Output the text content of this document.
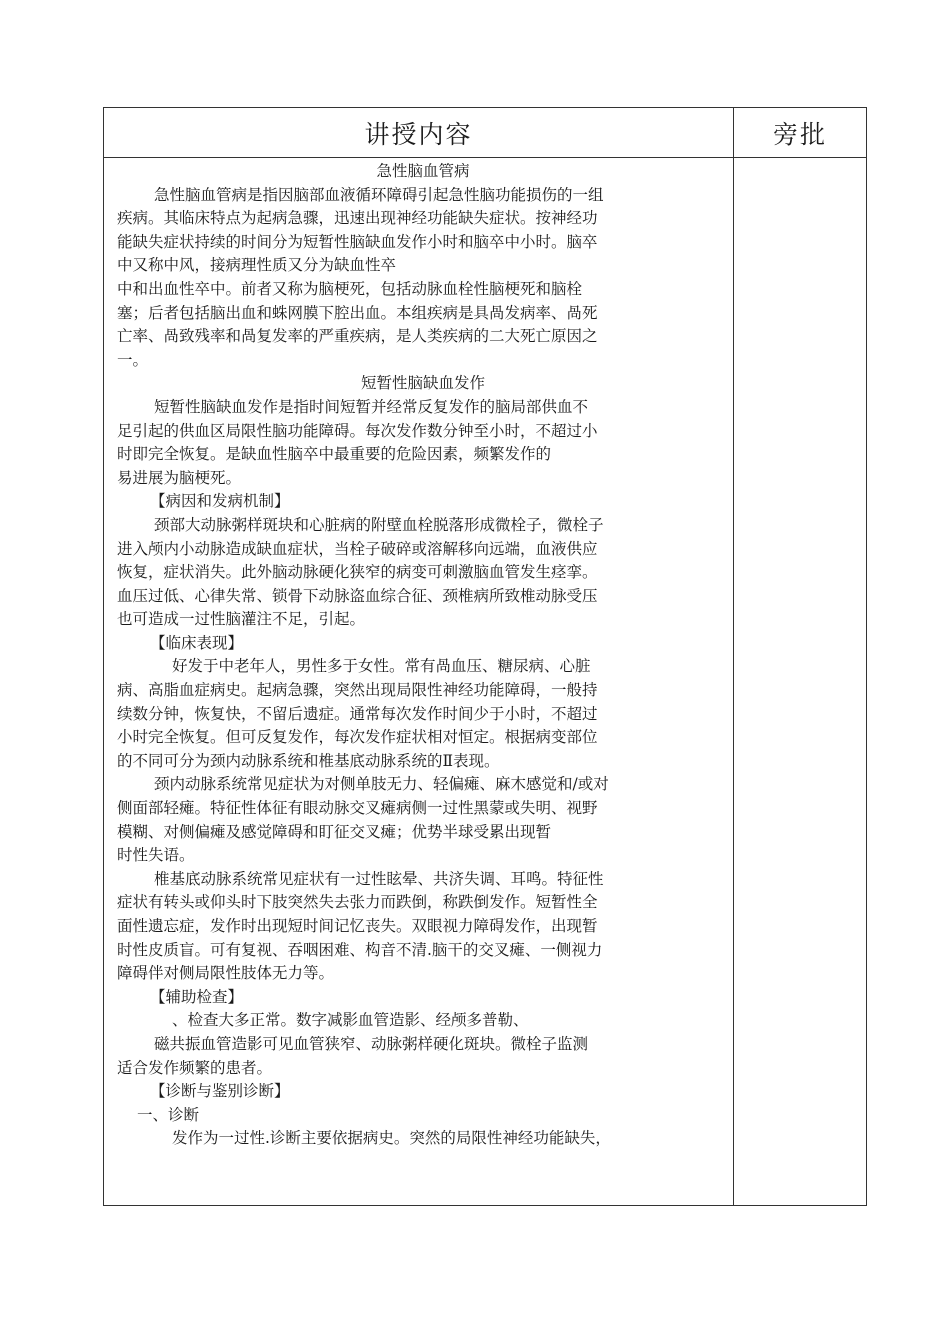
讲授内容	旁批

急性脑血管病

急性脑血管病是指因脑部血液循环障碍引起急性脑功能损伤的一组

疾病。其临床特点为起病急骤，迅速出现神经功能缺失症状。按神经功

能缺失症状持续的时间分为短暂性脑缺血发作小时和脑卒中小时。脑卒

中又称中风，接病理性质又分为缺血性卒

中和出血性卒中。前者又称为脑梗死，包括动脉血栓性脑梗死和脑栓

塞；后者包括脑出血和蛛网膜下腔出血。本组疾病是具咼发病率、咼死

亡率、咼致残率和咼复发率的严重疾病，是人类疾病的二大死亡原因之

一。

短暂性脑缺血发作

短暂性脑缺血发作是指时间短暂并经常反复发作的脑局部供血不

足引起的供血区局限性脑功能障碍。每次发作数分钟至小时，不超过小

时即完全恢复。是缺血性脑卒中最重要的危险因素，频繁发作的

易进展为脑梗死。

【病因和发病机制】

颈部大动脉粥样斑块和心脏病的附壁血栓脱落形成微栓子，微栓子

进入颅内小动脉造成缺血症状，当栓子破碎或溶解移向远端，血液供应

恢复，症状消失。此外脑动脉硬化狭窄的病变可刺激脑血管发生痉挛。

血压过低、心律失常、锁骨下动脉盗血综合征、颈椎病所致椎动脉受压

也可造成一过性脑灌注不足，引起。

【临床表现】

好发于中老年人，男性多于女性。常有咼血压、糖尿病、心脏

病、高脂血症病史。起病急骤，突然出现局限性神经功能障碍，一般持

续数分钟，恢复快，不留后遗症。通常每次发作时间少于小时，不超过

小时完全恢复。但可反复发作，每次发作症状相对恒定。根据病变部位

的不同可分为颈内动脉系统和椎基底动脉系统的Ⅱ表现。

颈内动脉系统常见症状为对侧单肢无力、轻偏瘫、麻木感觉和/或对

侧面部轻瘫。特征性体征有眼动脉交叉瘫病侧一过性黑蒙或失明、视野

模糊、对侧偏瘫及感觉障碍和盯征交叉瘫；优势半球受累出现暂

时性失语。

椎基底动脉系统常见症状有一过性眩晕、共济失调、耳鸣。特征性

症状有转头或仰头时下肢突然失去张力而跌倒，称跌倒发作。短暂性全

面性遗忘症，发作时出现短时间记忆丧失。双眼视力障碍发作，出现暂

时性皮质盲。可有复视、吞咽困难、构音不清.脑干的交叉瘫、一侧视力

障碍伴对侧局限性肢体无力等。

【辅助检查】

、检查大多正常。数字减影血管造影、经颅多普勒、

磁共振血管造影可见血管狭窄、动脉粥样硬化斑块。微栓子监测

适合发作频繁的患者。

【诊断与鉴别诊断】

一、诊断

发作为一过性.诊断主要依据病史。突然的局限性神经功能缺失，
